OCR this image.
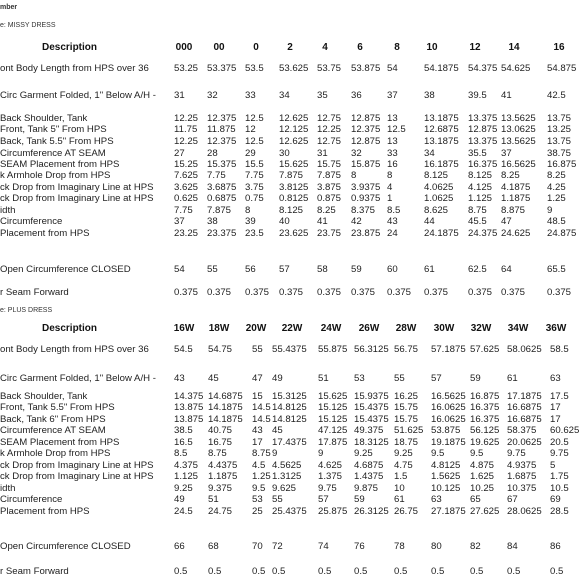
mber
e: MISSY DRESS
Description	000 00	0	2	4	6	8	10	12	14	16
ont Body Length from HPS over 36	53.25 53.375 53.5 53.625 53.75 53.875 54	54.1875 54.375 54.625 54.875
Circ Garment Folded, 1" Below A/H - 31 32	33 34	35 36	37	38	39.5 41	42.5
Back Shoulder, Tank	12.25 12.375 12.5 12.625 12.75 12.875 13	13.1875 13.375 13.5625 13.75
Front, Tank 5" From HPS	11.75 11.875 12 12.125 12.25 12.375 12.5 12.6875 12.875 13.0625 13.25
Back, Tank 5.5" From HPS	12.25 12.375 12.5 12.625 12.75 12.875 13	13.1875 13.375 13.5625 13.75
Circumference AT SEAM	27 28	29 30	31 32	33	34	35.5 37	38.75
SEAM Placement from HPS	15.25 15.375 15.5 15.625 15.75 15.875 16	16.1875 16.375 16.5625 16.875
k Armhole Drop from HPS	7.625 7.75 7.75 7.875 7.875 8	8	8.125 8.125 8.25	8.25
ck Drop from Imaginary Line at HPS 3.625 3.6875 3.75 3.8125 3.875 3.9375 4	4.0625 4.125 4.1875 4.25
ck Drop from Imaginary Line at HPS 0.625 0.6875 0.75 0.8125 0.875 0.9375 1	1.0625 1.125 1.1875 1.25
idth	7.75 7.875 8	8.125 8.25 8.375 8.5 8.625 8.75 8.875 9
Circumference	37 38	39 40	41 42	43	44	45.5 47	48.5
Placement from HPS	23.25 23.375 23.5 23.625 23.75 23.875 24	24.1875 24.375 24.625 24.875
Open Circumference CLOSED	54 55	56 57	58 59	60	61	62.5 64	65.5
r Seam Forward	0.375 0.375 0.375 0.375 0.375 0.375 0.375 0.375 0.375 0.375 0.375
e: PLUS DRESS
Description	16W 18W 20W 22W 24W 26W 28W 30W 32W 34W 36W
ont Body Length from HPS over 36	54.5 54.75 55 55.4375 55.875 56.3125 56.75 57.1875 57.625 58.0625 58.5
Circ Garment Folded, 1" Below A/H - 43 45	47 49	51	53	55	57	59	61	63
Back Shoulder, Tank	14.375 14.6875 15 15.3125 15.625 15.9375 16.25 16.5625 16.875 17.1875 17.5
Front, Tank 5.5" From HPS	13.875 14.1875 14.5 14.8125 15.125 15.4375 15.75 16.0625 16.375 16.6875 17
Back, Tank 6" From HPS	13.875 14.1875 14.5 14.8125 15.125 15.4375 15.75 16.0625 16.375 16.6875 17
Circumference AT SEAM	38.5 40.75 43 45	47.125 49.375 51.625 53.875 56.125 58.375 60.625
SEAM Placement from HPS	16.5 16.75 17 17.4375 17.875 18.3125 18.75 19.1875 19.625 20.0625 20.5
k Armhole Drop from HPS	8.5 8.75	8.75 9	9	9.25 9.25 9.5	9.5 9.75	9.75
ck Drop from Imaginary Line at HPS 4.375 4.4375 4.5 4.5625 4.625 4.6875 4.75 4.8125 4.875 4.9375 5
ck Drop from Imaginary Line at HPS 1.125 1.1875 1.25 1.3125 1.375 1.4375 1.5 1.5625 1.625 1.6875 1.75
idth	9.25 9.375 9.5 9.625 9.75 9.875 10	10.125 10.25 10.375 10.5
Circumference	49 51	53 55	57	59	61	63	65	67	69
Placement from HPS	24.5 24.75 25 25.4375 25.875 26.3125 26.75 27.1875 27.625 28.0625 28.5
Open Circumference CLOSED	66 68	70 72	74	76	78	80	82	84	86
r Seam Forward	0.5 0.5	0.5 0.5	0.5 0.5	0.5 0.5	0.5 0.5	0.5
